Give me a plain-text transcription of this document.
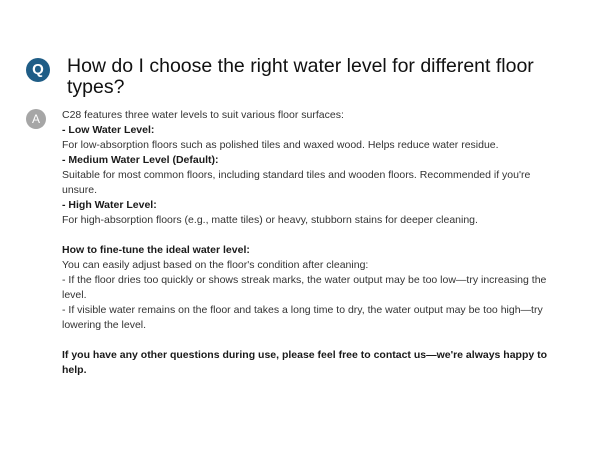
Q	How do I choose the right water level for different floor types?
A	C28 features three water levels to suit various floor surfaces:

- Low Water Level:

For low-absorption floors such as polished tiles and waxed wood. Helps reduce water residue.

- Medium Water Level (Default):

Suitable for most common floors, including standard tiles and wooden floors. Recommended if you're unsure.

- High Water Level:

For high-absorption floors (e.g., matte tiles) or heavy, stubborn stains for deeper cleaning.

How to fine-tune the ideal water level:

You can easily adjust based on the floor's condition after cleaning:

- If the floor dries too quickly or shows streak marks, the water output may be too low—try increasing the level.

- If visible water remains on the floor and takes a long time to dry, the water output may be too high—try lowering the level.

If you have any other questions during use, please feel free to contact us—we're always happy to help.
